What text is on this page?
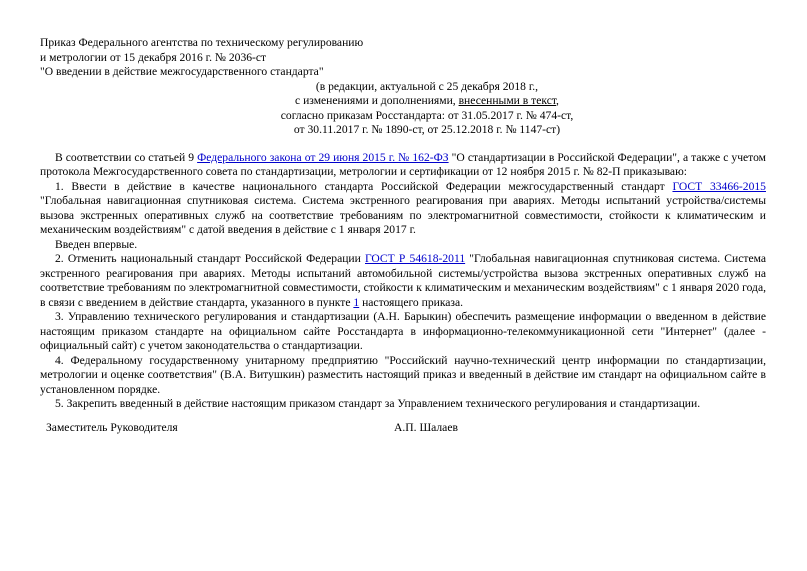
Приказ Федерального агентства по техническому регулированию
и метрологии от 15 декабря 2016 г. № 2036-ст
"О введении в действие межгосударственного стандарта"
(в редакции, актуальной с 25 декабря 2018 г.,
с изменениями и дополнениями, внесенными в текст,
согласно приказам Росстандарта: от 31.05.2017 г. № 474-ст,
от 30.11.2017 г. № 1890-ст, от 25.12.2018 г. № 1147-ст)

В соответствии со статьей 9 Федерального закона от 29 июня 2015 г. № 162-ФЗ "О стандартизации в Российской Федерации", а также с учетом протокола Межгосударственного совета по стандартизации, метрологии и сертификации от 12 ноября 2015 г. № 82-П приказываю:

1. Ввести в действие в качестве национального стандарта Российской Федерации межгосударственный стандарт ГОСТ 33466-2015 "Глобальная навигационная спутниковая система. Система экстренного реагирования при авариях. Методы испытаний устройства/системы вызова экстренных оперативных служб на соответствие требованиям по электромагнитной совместимости, стойкости к климатическим и механическим воздействиям" с датой введения в действие с 1 января 2017 г.

Введен впервые.

2. Отменить национальный стандарт Российской Федерации ГОСТ Р 54618-2011 "Глобальная навигационная спутниковая система. Система экстренного реагирования при авариях. Методы испытаний автомобильной системы/устройства вызова экстренных оперативных служб на соответствие требованиям по электромагнитной совместимости, стойкости к климатическим и механическим воздействиям" с 1 января 2020 года, в связи с введением в действие стандарта, указанного в пункте 1 настоящего приказа.

3. Управлению технического регулирования и стандартизации (А.Н. Барыкин) обеспечить размещение информации о введенном в действие настоящим приказом стандарте на официальном сайте Росстандарта в информационно-телекоммуникационной сети "Интернет" (далее - официальный сайт) с учетом законодательства о стандартизации.

4. Федеральному государственному унитарному предприятию "Российский научно-технический центр информации по стандартизации, метрологии и оценке соответствия" (В.А. Витушкин) разместить настоящий приказ и введенный в действие им стандарт на официальном сайте в установленном порядке.

5. Закрепить введенный в действие настоящим приказом стандарт за Управлением технического регулирования и стандартизации.

Заместитель Руководителя	А.П. Шалаев
